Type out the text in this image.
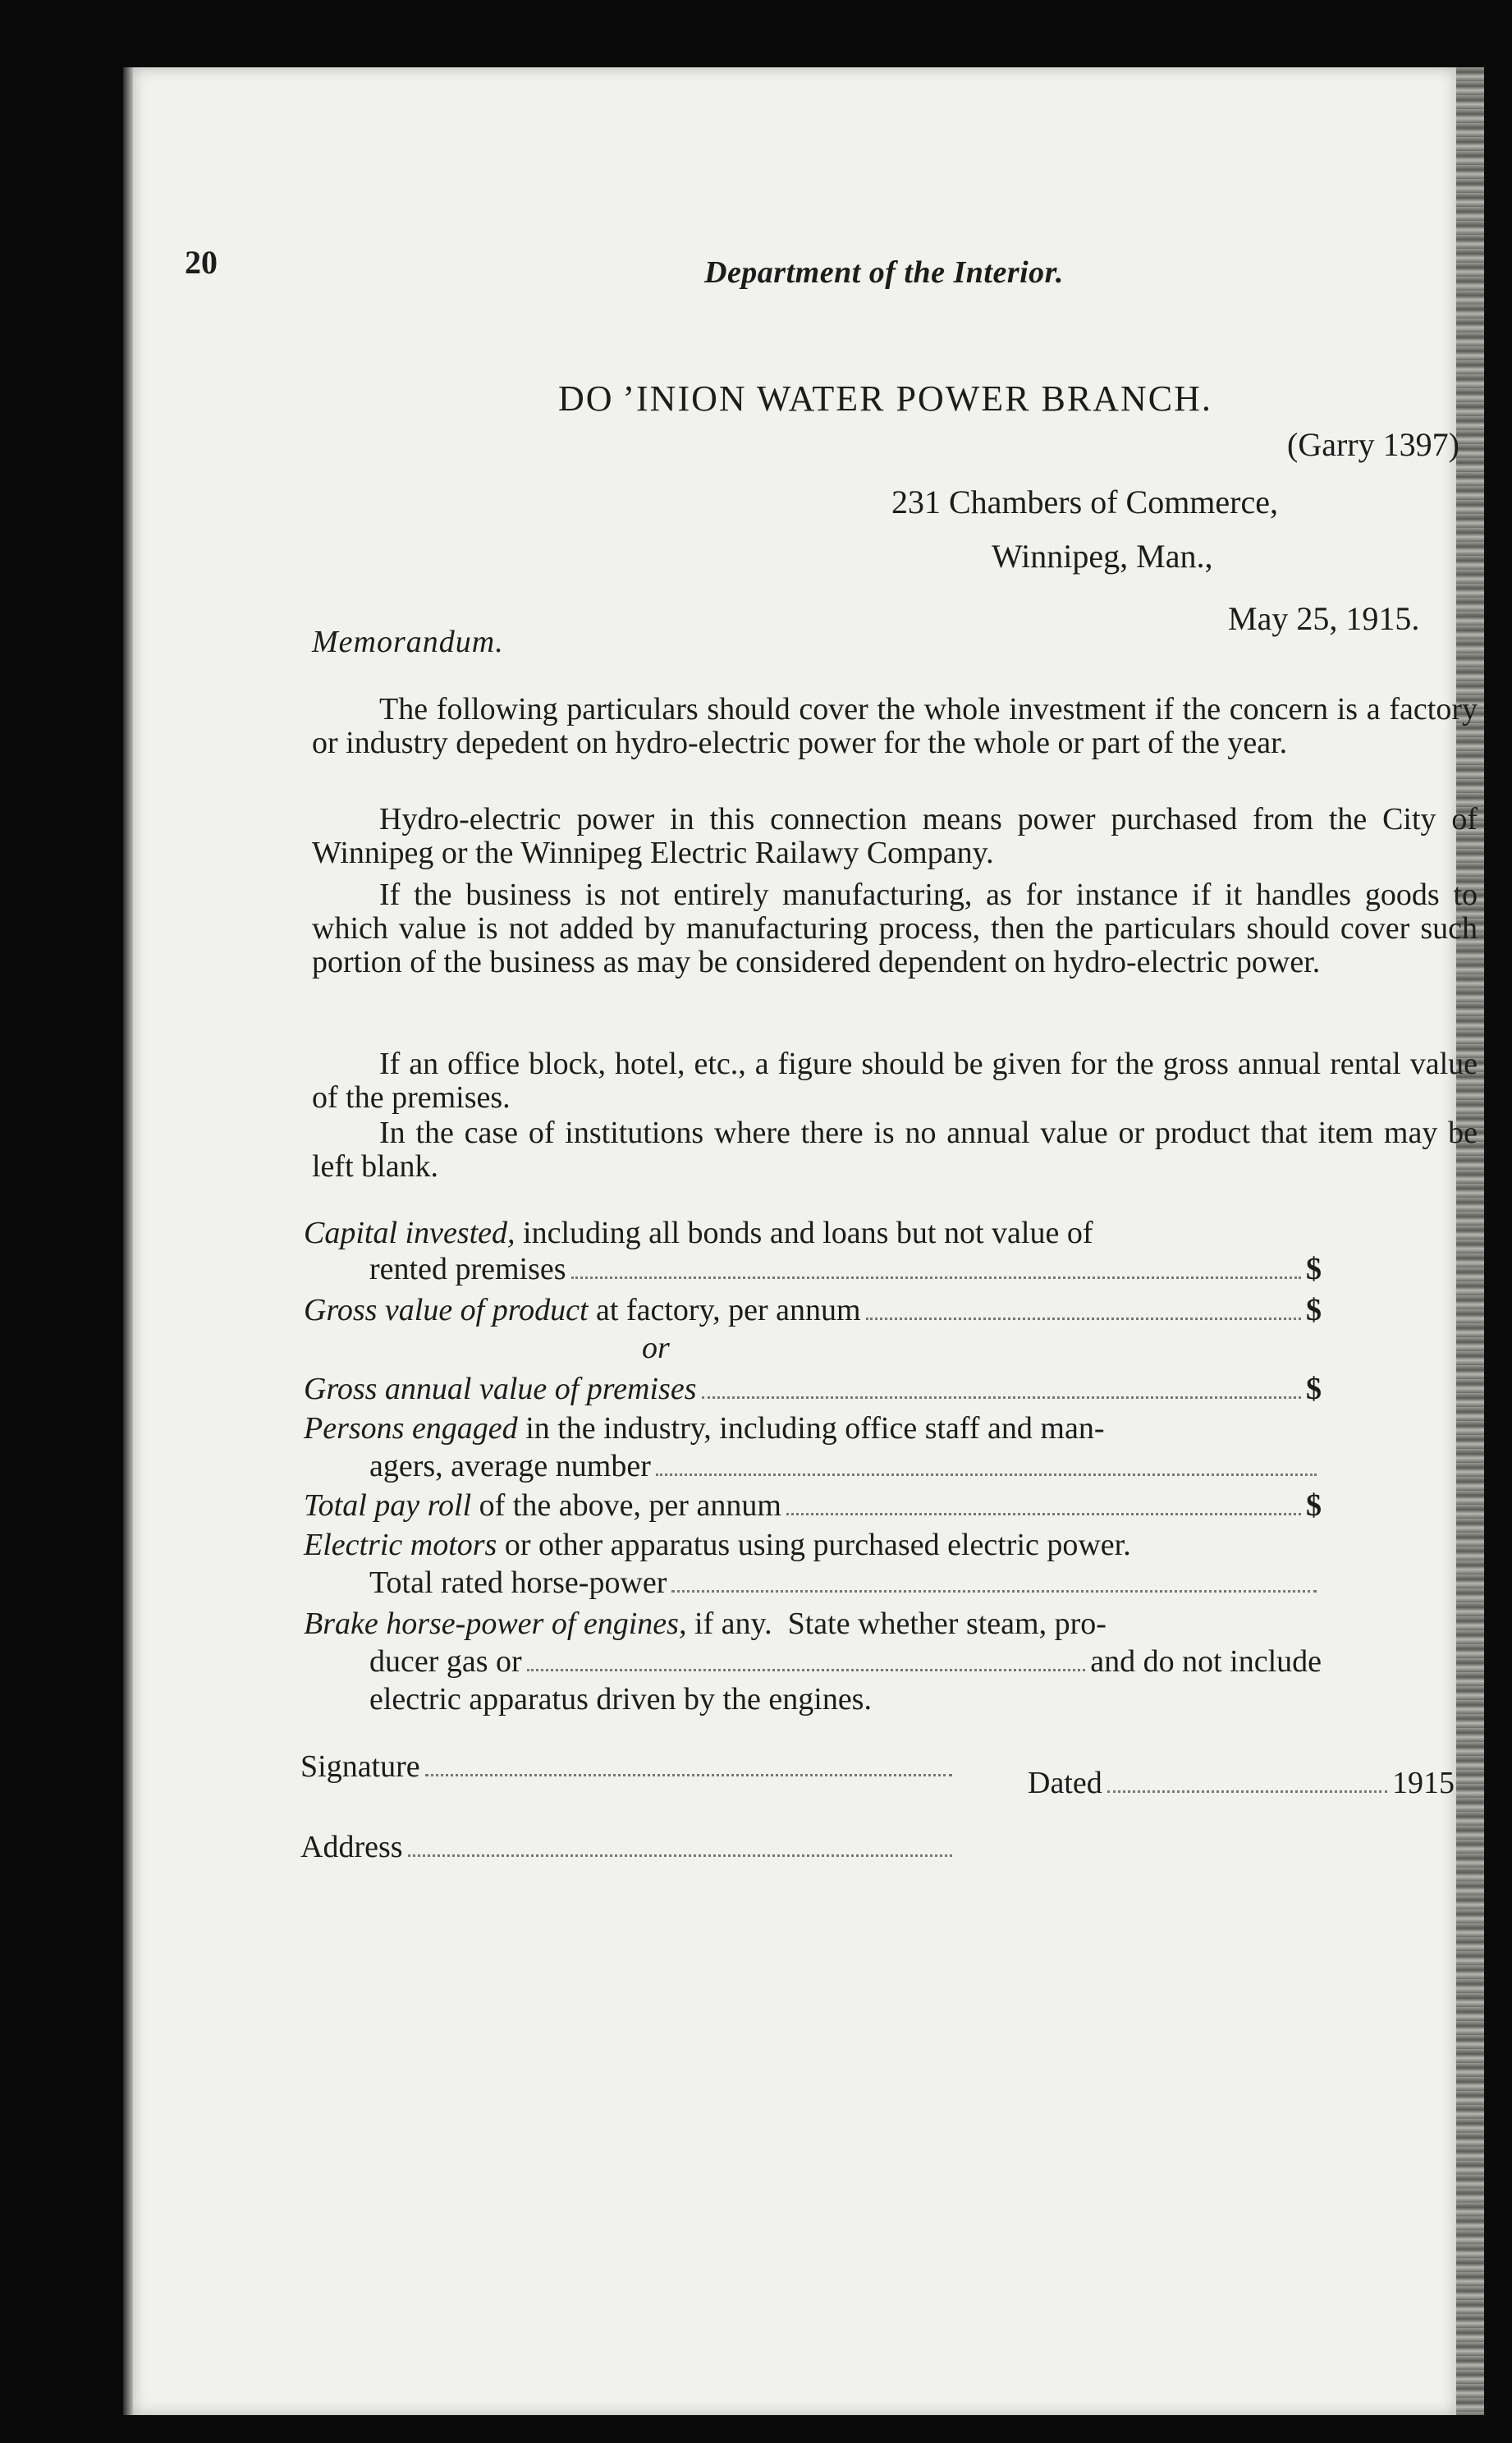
20	Department of the Interior.
DO ’INION WATER POWER BRANCH.
(Garry 1397)
231 Chambers of Commerce,
Winnipeg, Man.,
May 25, 1915.
Memorandum.
The following particulars should cover the whole investment if the concern is a factory or industry depedent on hydro-electric power for the whole or part of the year.
Hydro-electric power in this connection means power purchased from the City of Winnipeg or the Winnipeg Electric Railawy Company.
If the business is not entirely manufacturing, as for instance if it handles goods to which value is not added by manufacturing process, then the particulars should cover such portion of the business as may be considered dependent on hydro-electric power.
If an office block, hotel, etc., a figure should be given for the gross annual rental value of the premises.
In the case of institutions where there is no annual value or product that item may be left blank.
Capital invested, including all bonds and loans but not value of
rented premises	$
Gross value of product at factory, per annum	$
or
Gross annual value of premises	$
Persons engaged in the industry, including office staff and man-
agers, average number
Total pay roll of the above, per annum	$
Electric motors or other apparatus using purchased electric power.
Total rated horse-power
Brake horse-power of engines, if any.  State whether steam, pro-
ducer gas or	and do not include
electric apparatus driven by the engines.
Signature	Dated	1915
Address
